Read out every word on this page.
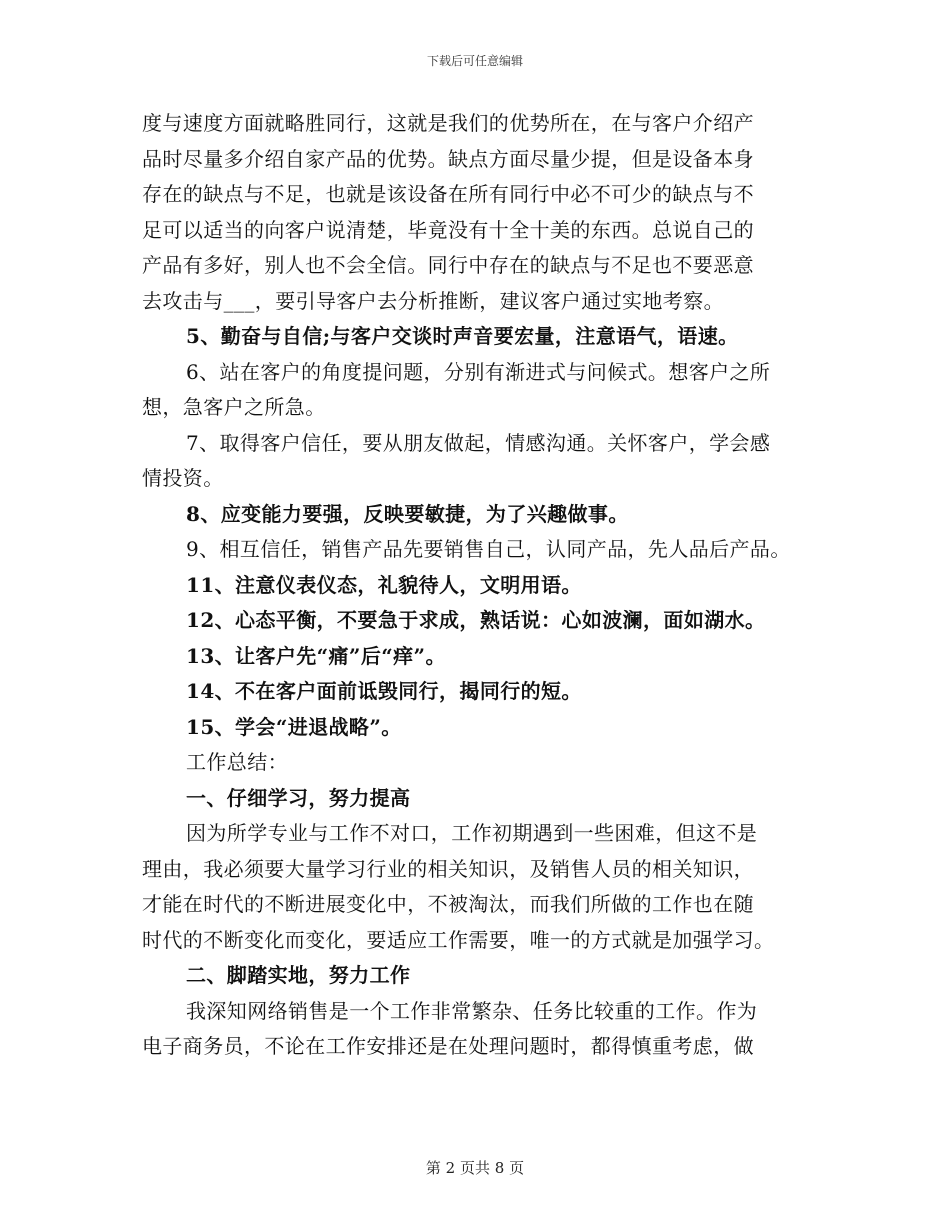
下载后可任意编辑
度与速度方面就略胜同行，这就是我们的优势所在，在与客户介绍产
品时尽量多介绍自家产品的优势。缺点方面尽量少提，但是设备本身
存在的缺点与不足，也就是该设备在所有同行中必不可少的缺点与不
足可以适当的向客户说清楚，毕竟没有十全十美的东西。总说自己的
产品有多好，别人也不会全信。同行中存在的缺点与不足也不要恶意
去攻击与___，要引导客户去分析推断，建议客户通过实地考察。
5、勤奋与自信;与客户交谈时声音要宏量，注意语气，语速。
6、站在客户的角度提问题，分别有渐进式与问候式。想客户之所
想，急客户之所急。
7、取得客户信任，要从朋友做起，情感沟通。关怀客户，学会感
情投资。
8、应变能力要强，反映要敏捷，为了兴趣做事。
9、相互信任，销售产品先要销售自己，认同产品，先人品后产品。
11、注意仪表仪态，礼貌待人，文明用语。
12、心态平衡，不要急于求成，熟话说：心如波澜，面如湖水。
13、让客户先“痛”后“痒”。
14、不在客户面前诋毁同行，揭同行的短。
15、学会“进退战略”。
工作总结：
一、仔细学习，努力提高
因为所学专业与工作不对口，工作初期遇到一些困难，但这不是
理由，我必须要大量学习行业的相关知识，及销售人员的相关知识，
才能在时代的不断进展变化中，不被淘汰，而我们所做的工作也在随
时代的不断变化而变化，要适应工作需要，唯一的方式就是加强学习。
二、脚踏实地，努力工作
我深知网络销售是一个工作非常繁杂、任务比较重的工作。作为
电子商务员，不论在工作安排还是在处理问题时，都得慎重考虑，做
第 2 页共 8 页
